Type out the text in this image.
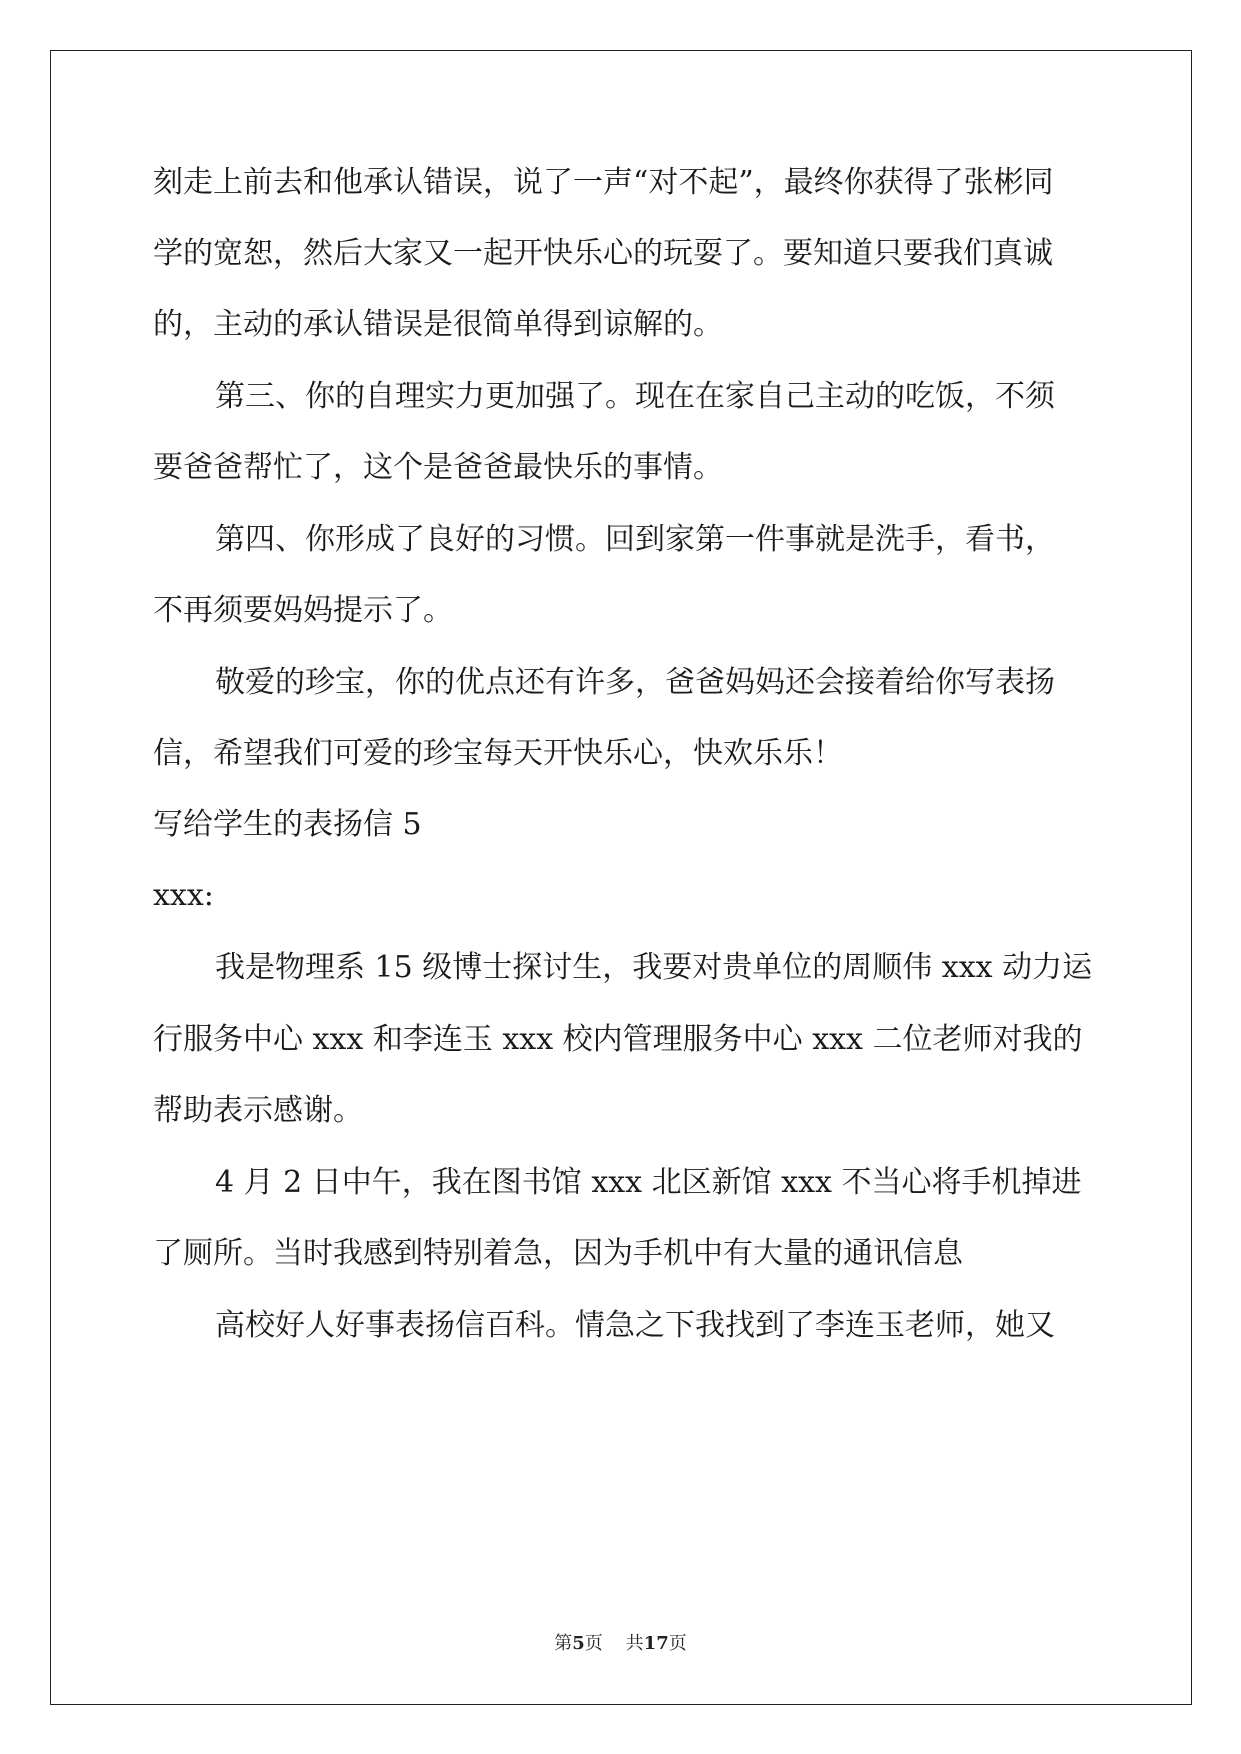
刻走上前去和他承认错误，说了一声“对不起”，最终你获得了张彬同
学的宽恕，然后大家又一起开快乐心的玩耍了。要知道只要我们真诚
的，主动的承认错误是很简单得到谅解的。
第三、你的自理实力更加强了。现在在家自己主动的吃饭，不须
要爸爸帮忙了，这个是爸爸最快乐的事情。
第四、你形成了良好的习惯。回到家第一件事就是洗手，看书，
不再须要妈妈提示了。
敬爱的珍宝，你的优点还有许多，爸爸妈妈还会接着给你写表扬
信，希望我们可爱的珍宝每天开快乐心，快欢乐乐！
写给学生的表扬信 5
xxx:
我是物理系 15 级博士探讨生，我要对贵单位的周顺伟 xxx 动力运
行服务中心 xxx 和李连玉 xxx 校内管理服务中心 xxx 二位老师对我的
帮助表示感谢。
4 月 2 日中午，我在图书馆 xxx 北区新馆 xxx 不当心将手机掉进
了厕所。当时我感到特别着急，因为手机中有大量的通讯信息
高校好人好事表扬信百科。情急之下我找到了李连玉老师，她又
第5页 共17页
